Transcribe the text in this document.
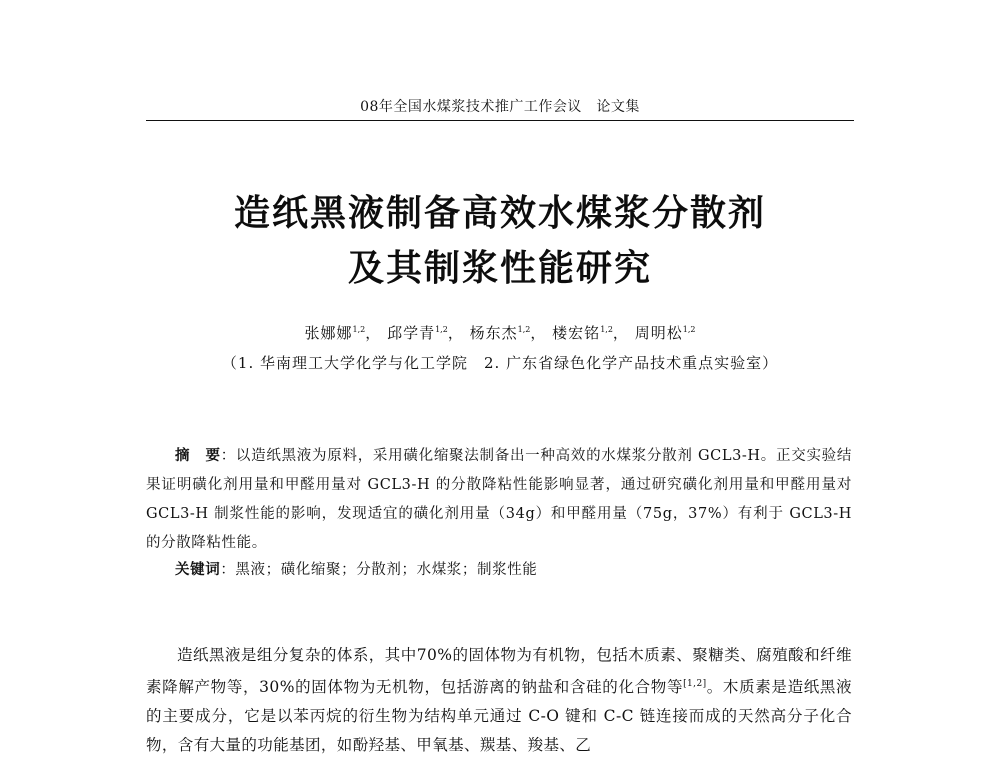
08年全国水煤浆技术推广工作会议　论文集
造纸黑液制备高效水煤浆分散剂
及其制浆性能研究
张娜娜$^{1,2}$， 邱学青$^{1,2}$， 杨东杰$^{1,2}$， 楼宏铭$^{1,2}$， 周明松$^{1,2}$
（1. 华南理工大学化学与化工学院　2. 广东省绿色化学产品技术重点实验室）
摘　要：以造纸黑液为原料，采用磺化缩聚法制备出一种高效的水煤浆分散剂 GCL3-H。正交实验结果证明磺化剂用量和甲醛用量对 GCL3-H 的分散降粘性能影响显著，通过研究磺化剂用量和甲醛用量对 GCL3-H 制浆性能的影响，发现适宜的磺化剂用量（34g）和甲醛用量（75g，37%）有利于 GCL3-H 的分散降粘性能。
关键词：黑液；磺化缩聚；分散剂；水煤浆；制浆性能
造纸黑液是组分复杂的体系，其中70%的固体物为有机物，包括木质素、聚糖类、腐殖酸和纤维素降解产物等，30%的固体物为无机物，包括游离的钠盐和含硅的化合物等[1,2]。木质素是造纸黑液的主要成分，它是以苯丙烷的衍生物为结构单元通过 C-O 键和 C-C 链连接而成的天然高分子化合物，含有大量的功能基团，如酚羟基、甲氧基、羰基、羧基、乙
